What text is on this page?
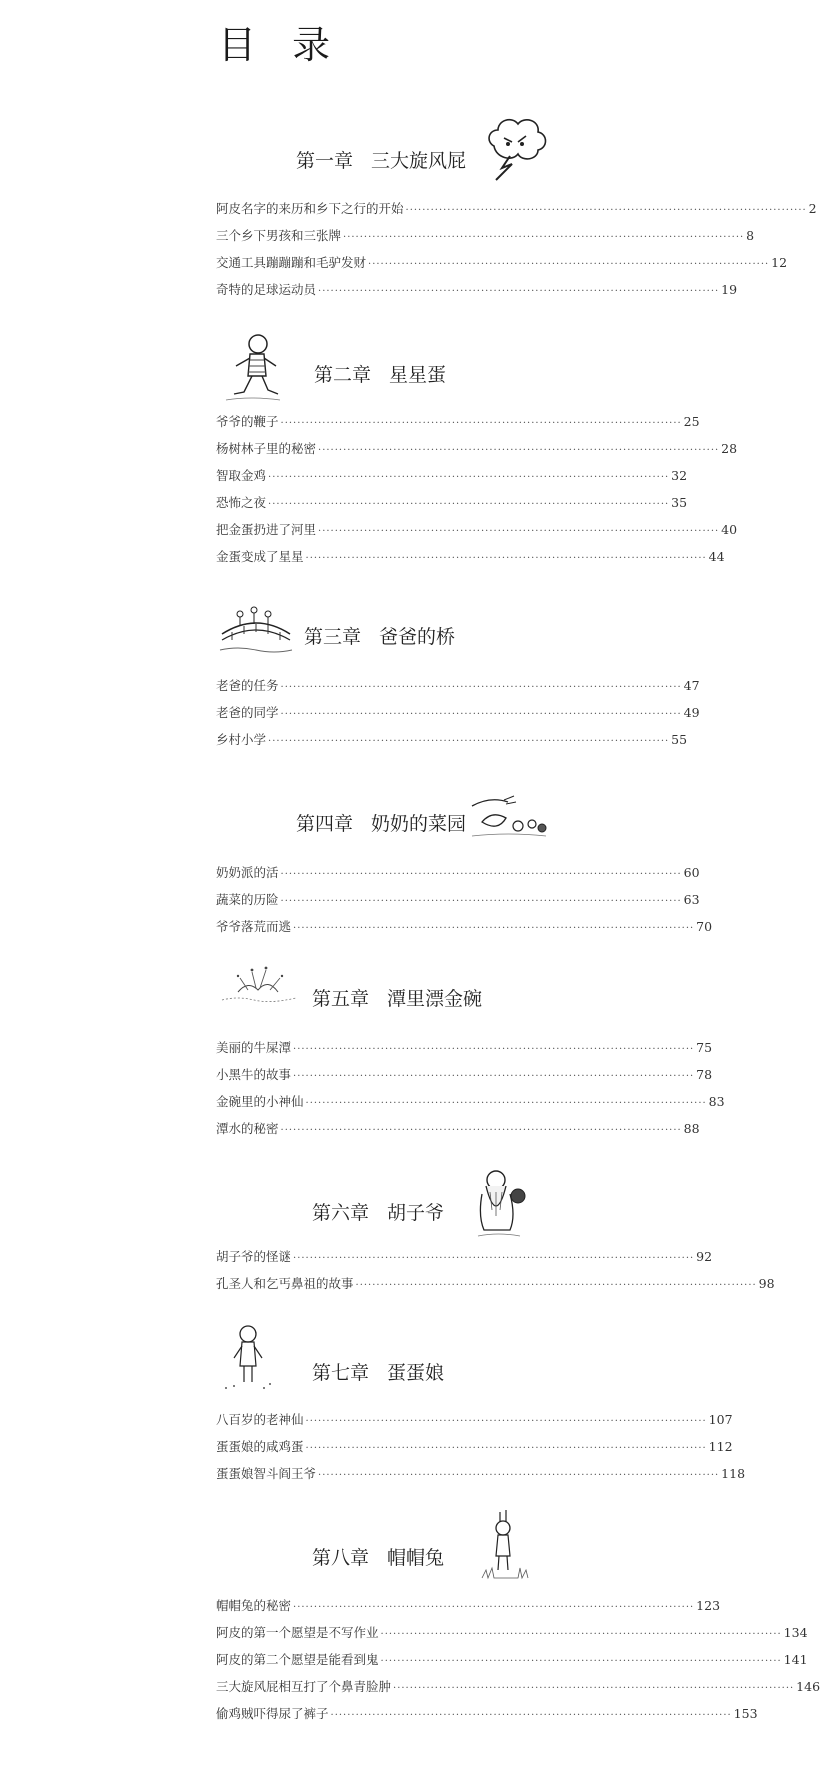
目 录
第一章 三大旋风屁
阿皮名字的来历和乡下之行的开始 ································································································ 2
三个乡下男孩和三张牌 ································································································ 8
交通工具蹦蹦蹦和毛驴发财 ································································································ 12
奇特的足球运动员 ································································································ 19
第二章 星星蛋
爷爷的鞭子 ································································································ 25
杨树林子里的秘密 ································································································ 28
智取金鸡 ································································································ 32
恐怖之夜 ································································································ 35
把金蛋扔进了河里 ································································································ 40
金蛋变成了星星 ································································································ 44
第三章 爸爸的桥
老爸的任务 ································································································ 47
老爸的同学 ································································································ 49
乡村小学 ································································································ 55
第四章 奶奶的菜园
奶奶派的活 ································································································ 60
蔬菜的历险 ································································································ 63
爷爷落荒而逃 ································································································ 70
第五章 潭里漂金碗
美丽的牛屎潭 ································································································ 75
小黑牛的故事 ································································································ 78
金碗里的小神仙 ································································································ 83
潭水的秘密 ································································································ 88
第六章 胡子爷
胡子爷的怪谜 ································································································ 92
孔圣人和乞丐鼻祖的故事 ································································································ 98
第七章 蛋蛋娘
八百岁的老神仙 ································································································ 107
蛋蛋娘的咸鸡蛋 ································································································ 112
蛋蛋娘智斗阎王爷 ································································································ 118
第八章 帽帽兔
帽帽兔的秘密 ································································································ 123
阿皮的第一个愿望是不写作业 ································································································ 134
阿皮的第二个愿望是能看到鬼 ································································································ 141
三大旋风屁相互打了个鼻青脸肿 ································································································ 146
偷鸡贼吓得尿了裤子 ································································································ 153
